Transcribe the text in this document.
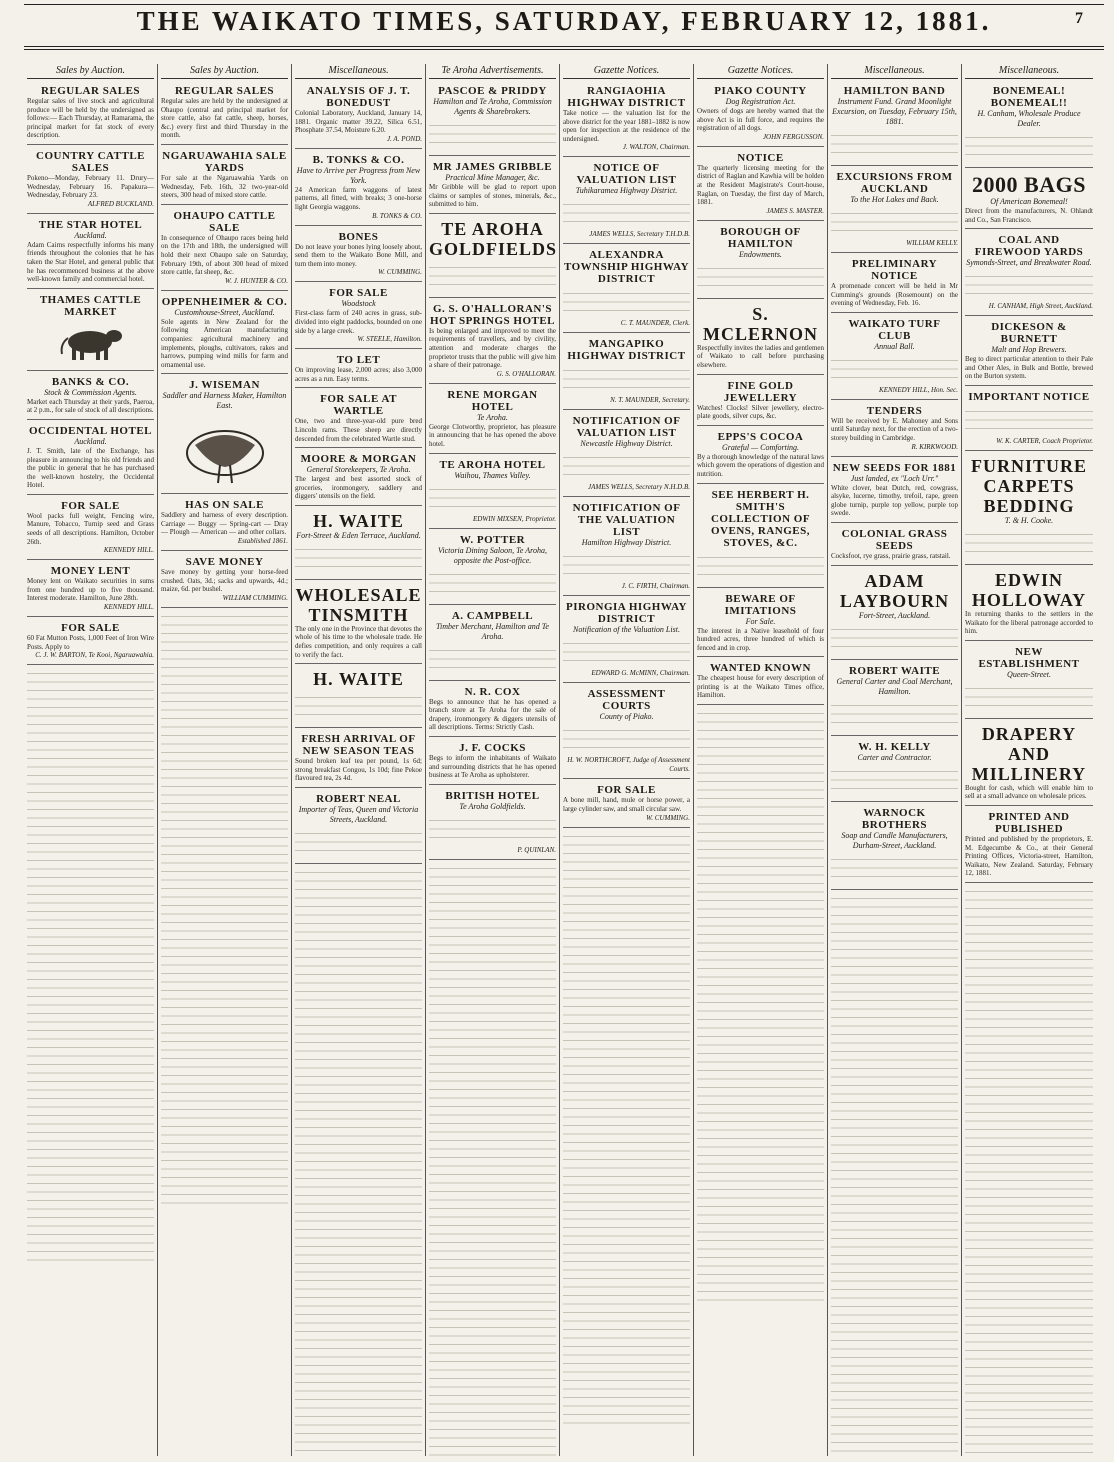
THE WAIKATO TIMES, SATURDAY, FEBRUARY 12, 1881.	7
Sales by Auction.
REGULAR SALES
Regular sales of live stock and agricultural produce will be held by the undersigned as follows:— Each Thursday, at Ramarama, the principal market for fat stock of every description.
COUNTRY CATTLE SALES
Pokeno—Monday, February 11. Drury—Wednesday, February 16. Papakura—Wednesday, February 23.
ALFRED BUCKLAND.
THE STAR HOTEL
Auckland.
Adam Cairns respectfully informs his many friends throughout the colonies that he has taken the Star Hotel, and general public that he has recommenced business at the above well-known family and commercial hotel.
THAMES CATTLE MARKET
BANKS & CO.
Stock & Commission Agents.
Market each Thursday at their yards, Paeroa, at 2 p.m., for sale of stock of all descriptions.
OCCIDENTAL HOTEL
Auckland.
J. T. Smith, late of the Exchange, has pleasure in announcing to his old friends and the public in general that he has purchased the well-known hostelry, the Occidental Hotel.
FOR SALE
Wool packs full weight, Fencing wire, Manure, Tobacco, Turnip seed and Grass seeds of all descriptions. Hamilton, October 26th.
KENNEDY HILL.
MONEY LENT
Money lent on Waikato securities in sums from one hundred up to five thousand. Interest moderate. Hamilton, June 28th.
KENNEDY HILL.
FOR SALE
60 Fat Mutton Posts, 1,000 Feet of Iron Wire Posts. Apply to
C. J. W. BARTON, Te Kooi, Ngaruawahia.
Sales by Auction.
REGULAR SALES
Regular sales are held by the undersigned at Ohaupo (central and principal market for store cattle, also fat cattle, sheep, horses, &c.) every first and third Thursday in the month.
NGARUAWAHIA SALE YARDS
For sale at the Ngaruawahia Yards on Wednesday, Feb. 16th, 32 two-year-old steers, 300 head of mixed store cattle.
OHAUPO CATTLE SALE
In consequence of Ohaupo races being held on the 17th and 18th, the undersigned will hold their next Ohaupo sale on Saturday, February 19th, of about 300 head of mixed store cattle, fat sheep, &c.
W. J. HUNTER & CO.
OPPENHEIMER & CO.
Customhouse-Street, Auckland.
Sole agents in New Zealand for the following American manufacturing companies: agricultural machinery and implements, ploughs, cultivators, rakes and harrows, pumping wind mills for farm and ornamental use.
J. WISEMAN
Saddler and Harness Maker, Hamilton East.
HAS ON SALE
Saddlery and harness of every description. Carriage — Buggy — Spring-cart — Dray — Plough — American — and other collars.
Established 1861.
SAVE MONEY
Save money by getting your horse-feed crushed. Oats, 3d.; sacks and upwards, 4d.; maize, 6d. per bushel.
WILLIAM CUMMING.
Miscellaneous.
ANALYSIS OF J. T. BONEDUST
Colonial Laboratory, Auckland, January 14, 1881. Organic matter 39.22, Silica 6.51, Phosphate 37.54, Moisture 6.20.
J. A. POND.
B. TONKS & CO.
Have to Arrive per Progress from New York.
24 American farm waggons of latest patterns, all fitted, with breaks; 3 one-horse light Georgia waggons.
B. TONKS & CO.
BONES
Do not leave your bones lying loosely about, send them to the Waikato Bone Mill, and turn them into money.
W. CUMMING.
FOR SALE
Woodstock
First-class farm of 240 acres in grass, sub-divided into eight paddocks, bounded on one side by a large creek.
W. STEELE, Hamilton.
TO LET
On improving lease, 2,000 acres; also 3,000 acres as a run. Easy terms.
FOR SALE AT WARTLE
One, two and three-year-old pure bred Lincoln rams. These sheep are directly descended from the celebrated Wartle stud.
MOORE & MORGAN
General Storekeepers, Te Aroha.
The largest and best assorted stock of groceries, ironmongery, saddlery and diggers' utensils on the field.
H. WAITE
Fort-Street & Eden Terrace, Auckland.
WHOLESALE TINSMITH
The only one in the Province that devotes the whole of his time to the wholesale trade. He defies competition, and only requires a call to verify the fact.
H. WAITE
FRESH ARRIVAL OF NEW SEASON TEAS
Sound broken leaf tea per pound, 1s 6d; strong breakfast Congou, 1s 10d; fine Pekoe flavoured tea, 2s 4d.
ROBERT NEAL
Importer of Teas, Queen and Victoria Streets, Auckland.
Te Aroha Advertisements.
PASCOE & PRIDDY
Hamilton and Te Aroha, Commission Agents & Sharebrokers.
MR JAMES GRIBBLE
Practical Mine Manager, &c.
Mr Gribble will be glad to report upon claims or samples of stones, minerals, &c., submitted to him.
TE AROHA GOLDFIELDS
G. S. O'HALLORAN'S HOT SPRINGS HOTEL
Is being enlarged and improved to meet the requirements of travellers, and by civility, attention and moderate charges the proprietor trusts that the public will give him a share of their patronage.
G. S. O'HALLORAN.
RENE MORGAN HOTEL
Te Aroha.
George Clotworthy, proprietor, has pleasure in announcing that he has opened the above hotel.
TE AROHA HOTEL
Waihou, Thames Valley.
EDWIN MIXSEN, Proprietor.
W. POTTER
Victoria Dining Saloon, Te Aroha, opposite the Post-office.
A. CAMPBELL
Timber Merchant, Hamilton and Te Aroha.
N. R. COX
Begs to announce that he has opened a branch store at Te Aroha for the sale of drapery, ironmongery & diggers utensils of all descriptions. Terms: Strictly Cash.
J. F. COCKS
Begs to inform the inhabitants of Waikato and surrounding districts that he has opened business at Te Aroha as upholsterer.
BRITISH HOTEL
Te Aroha Goldfields.
P. QUINLAN.
Gazette Notices.
RANGIAOHIA HIGHWAY DISTRICT
Take notice — the valuation list for the above district for the year 1881–1882 is now open for inspection at the residence of the undersigned.
J. WALTON, Chairman.
NOTICE OF VALUATION LIST
Tuhikaramea Highway District.
JAMES WELLS, Secretary T.H.D.B.
ALEXANDRA TOWNSHIP HIGHWAY DISTRICT
C. T. MAUNDER, Clerk.
MANGAPIKO HIGHWAY DISTRICT
N. T. MAUNDER, Secretary.
NOTIFICATION OF VALUATION LIST
Newcastle Highway District.
JAMES WELLS, Secretary N.H.D.B.
NOTIFICATION OF THE VALUATION LIST
Hamilton Highway District.
J. C. FIRTH, Chairman.
PIRONGIA HIGHWAY DISTRICT
Notification of the Valuation List.
EDWARD G. McMINN, Chairman.
ASSESSMENT COURTS
County of Piako.
H. W. NORTHCROFT, Judge of Assessment Courts.
FOR SALE
A bone mill, hand, mule or horse power, a large cylinder saw, and small circular saw.
W. CUMMING.
Gazette Notices.
PIAKO COUNTY
Dog Registration Act.
Owners of dogs are hereby warned that the above Act is in full force, and requires the registration of all dogs.
JOHN FERGUSSON.
NOTICE
The quarterly licensing meeting for the district of Raglan and Kawhia will be holden at the Resident Magistrate's Court-house, Raglan, on Tuesday, the first day of March, 1881.
JAMES S. MASTER.
BOROUGH OF HAMILTON
Endowments.
S. MCLERNON
Respectfully invites the ladies and gentlemen of Waikato to call before purchasing elsewhere.
FINE GOLD JEWELLERY
Watches! Clocks! Silver jewellery, electro-plate goods, silver cups, &c.
EPPS'S COCOA
Grateful — Comforting.
By a thorough knowledge of the natural laws which govern the operations of digestion and nutrition.
SEE HERBERT H. SMITH'S COLLECTION OF OVENS, RANGES, STOVES, &C.
BEWARE OF IMITATIONS
For Sale.
The interest in a Native leasehold of four hundred acres, three hundred of which is fenced and in crop.
WANTED KNOWN
The cheapest house for every description of printing is at the Waikato Times office, Hamilton.
Miscellaneous.
HAMILTON BAND
Instrument Fund. Grand Moonlight Excursion, on Tuesday, February 15th, 1881.
EXCURSIONS FROM AUCKLAND
To the Hot Lakes and Back.
WILLIAM KELLY.
PRELIMINARY NOTICE
A promenade concert will be held in Mr Cumming's grounds (Rosemount) on the evening of Wednesday, Feb. 16.
WAIKATO TURF CLUB
Annual Ball.
KENNEDY HILL, Hon. Sec.
TENDERS
Will be received by E. Mahoney and Sons until Saturday next, for the erection of a two-storey building in Cambridge.
R. KIRKWOOD.
NEW SEEDS FOR 1881
Just landed, ex "Loch Urr."
White clover, beat Dutch, red, cowgrass, alsyke, lucerne, timothy, trefoil, rape, green globe turnip, purple top yellow, purple top swede.
COLONIAL GRASS SEEDS
Cocksfoot, rye grass, prairie grass, ratstail.
ADAM LAYBOURN
Fort-Street, Auckland.
ROBERT WAITE
General Carter and Coal Merchant, Hamilton.
W. H. KELLY
Carter and Contractor.
WARNOCK BROTHERS
Soap and Candle Manufacturers, Durham-Street, Auckland.
Miscellaneous.
BONEMEAL! BONEMEAL!!
H. Canham, Wholesale Produce Dealer.
2000 BAGS
Of American Bonemeal!
Direct from the manufacturers, N. Ohlandt and Co., San Francisco.
COAL AND FIREWOOD YARDS
Symonds-Street, and Breakwater Road.
H. CANHAM, High Street, Auckland.
DICKESON & BURNETT
Malt and Hop Brewers.
Beg to direct particular attention to their Pale and Other Ales, in Bulk and Bottle, brewed on the Burton system.
IMPORTANT NOTICE
W. K. CARTER, Coach Proprietor.
FURNITURE CARPETS BEDDING
T. & H. Cooke.
EDWIN HOLLOWAY
In returning thanks to the settlers in the Waikato for the liberal patronage accorded to him.
NEW ESTABLISHMENT
Queen-Street.
DRAPERY AND MILLINERY
Bought for cash, which will enable him to sell at a small advance on wholesale prices.
PRINTED AND PUBLISHED
Printed and published by the proprietors, E. M. Edgecumbe & Co., at their General Printing Offices, Victoria-street, Hamilton, Waikato, New Zealand. Saturday, February 12, 1881.
